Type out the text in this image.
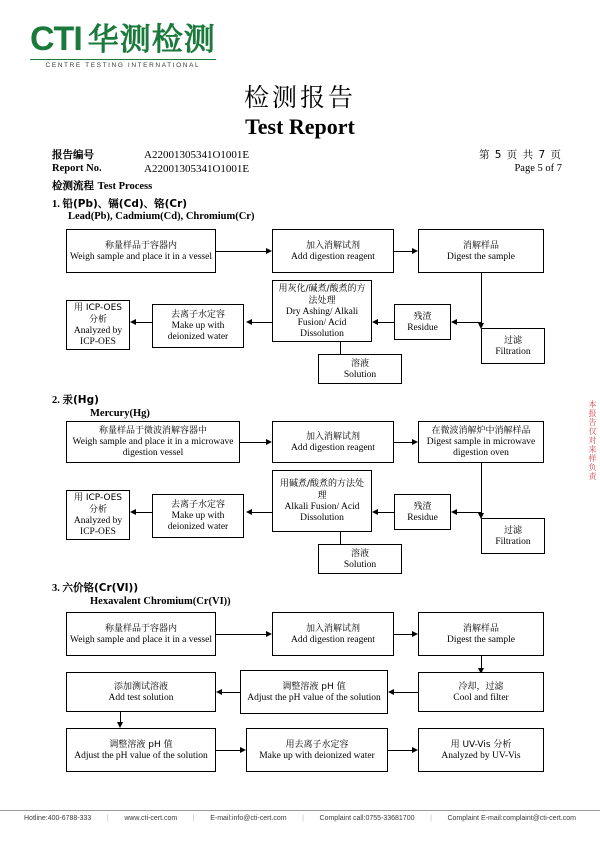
CTI 华测检测
CENTRE TESTING INTERNATIONAL
检测报告
Test Report
报告编号	A22001305341O1001E
Report No.	A22001305341O1001E
第 5 页 共 7 页
Page 5 of 7
检测流程 Test Process
本报告仅对来样负责
1. 铅(Pb)、镉(Cd)、铬(Cr)
Lead(Pb), Cadmium(Cd), Chromium(Cr)
称量样品于容器内
Weigh sample and place it in a vessel
加入消解试剂
Add digestion reagent
消解样品
Digest the sample
过滤
Filtration
残渣
Residue
用灰化/碱煮/酸煮的方法处理
Dry Ashing/ Alkali Fusion/ Acid Dissolution
溶液
Solution
去离子水定容
Make up with deionized water
用 ICP-OES 分析
Analyzed by ICP-OES
2. 汞(Hg)
Mercury(Hg)
称量样品于微波消解容器中
Weigh sample and place it in a microwave digestion vessel
加入消解试剂
Add digestion reagent
在微波消解炉中消解样品
Digest sample in microwave digestion oven
过滤
Filtration
残渣
Residue
用碱煮/酸煮的方法处理
Alkali Fusion/ Acid Dissolution
溶液
Solution
去离子水定容
Make up with deionized water
用 ICP-OES 分析
Analyzed by ICP-OES
3. 六价铬(Cr(VI))
Hexavalent Chromium(Cr(VI))
称量样品于容器内
Weigh sample and place it in a vessel
加入消解试剂
Add digestion reagent
消解样品
Digest the sample
冷却，过滤
Cool and filter
调整溶液 pH 值
Adjust the pH value of the solution
添加测试溶液
Add test solution
调整溶液 pH 值
Adjust the pH value of the solution
用去离子水定容
Make up with deionized water
用 UV-Vis 分析
Analyzed by UV-Vis
Hotline:400-6788-333 | www.cti-cert.com | E-mail:info@cti-cert.com | Complaint call:0755-33681700 | Complaint E-mail:complaint@cti-cert.com
